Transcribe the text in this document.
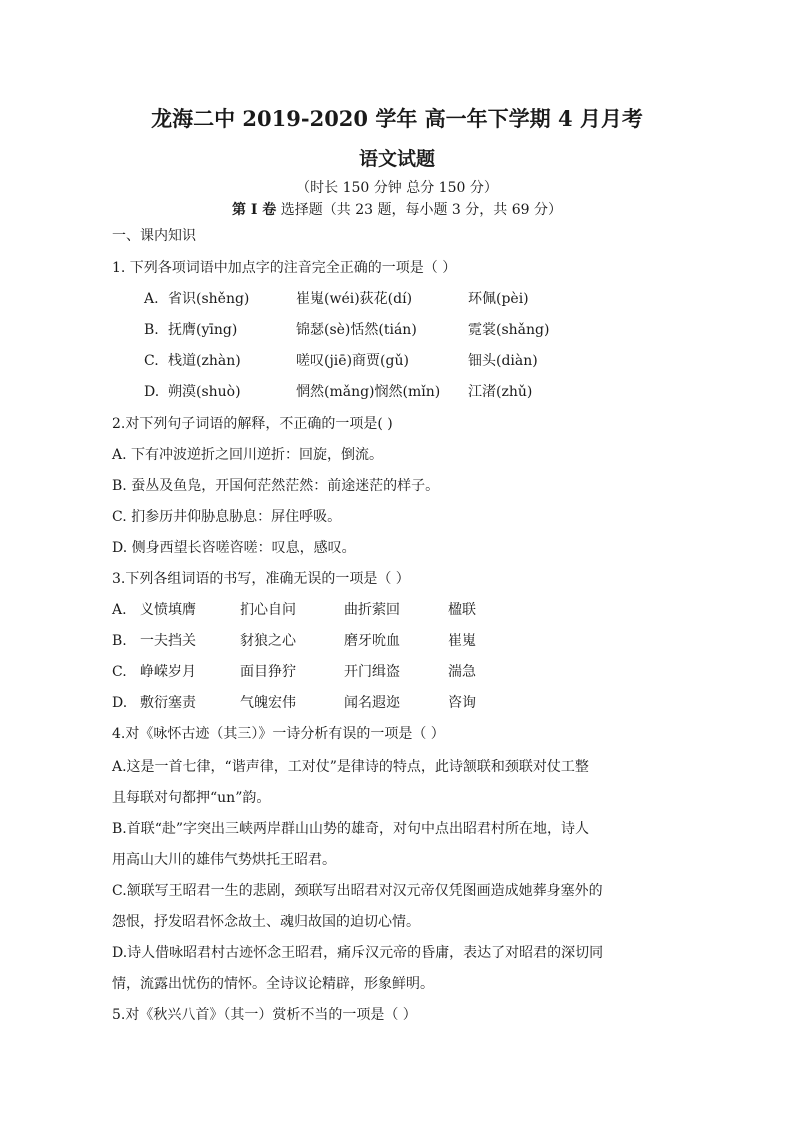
龙海二中 2019-2020 学年 高一年下学期 4 月月考
语文试题
（时长 150 分钟 总分 150 分）
第 I 卷 选择题（共 23 题，每小题 3 分，共 69 分）
一、课内知识
1. 下列各项词语中加点字的注音完全正确的一项是（ ）
A. 省识(shěng)	崔嵬(wéi)荻花(dí)	环佩(pèi)
B. 抚膺(yīng)	锦瑟(sè)恬然(tián)	霓裳(shǎng)
C. 栈道(zhàn)	嗟叹(jiē)商贾(gǔ)	钿头(diàn)
D. 朔漠(shuò)	惘然(mǎng)悯然(mǐn) 江渚(zhǔ)
2.对下列句子词语的解释，不正确的一项是( )
A. 下有冲波逆折之回川逆折：回旋，倒流。
B. 蚕丛及鱼凫，开国何茫然茫然：前途迷茫的样子。
C. 扪参历井仰胁息胁息：屏住呼吸。
D. 侧身西望长咨嗟咨嗟：叹息，感叹。
3.下列各组词语的书写，准确无误的一项是（ ）
A. 义愤填膺	扪心自问	曲折萦回	楹联
B. 一夫挡关	豺狼之心	磨牙吮血	崔嵬
C. 峥嵘岁月	面目狰狞	开门缉盗	湍急
D. 敷衍塞责	气魄宏伟	闻名遐迩	咨询
4.对《咏怀古迹（其三）》一诗分析有误的一项是（ ）
A.这是一首七律，“谐声律，工对仗”是律诗的特点，此诗颔联和颈联对仗工整
且每联对句都押“un”韵。
B.首联“赴”字突出三峡两岸群山山势的雄奇，对句中点出昭君村所在地，诗人
用高山大川的雄伟气势烘托王昭君。
C.颔联写王昭君一生的悲剧，颈联写出昭君对汉元帝仅凭图画造成她葬身塞外的
怨恨，抒发昭君怀念故土、魂归故国的迫切心情。
D.诗人借咏昭君村古迹怀念王昭君，痛斥汉元帝的昏庸，表达了对昭君的深切同
情，流露出忧伤的情怀。全诗议论精辟，形象鲜明。
5.对《秋兴八首》（其一）赏析不当的一项是（ ）
